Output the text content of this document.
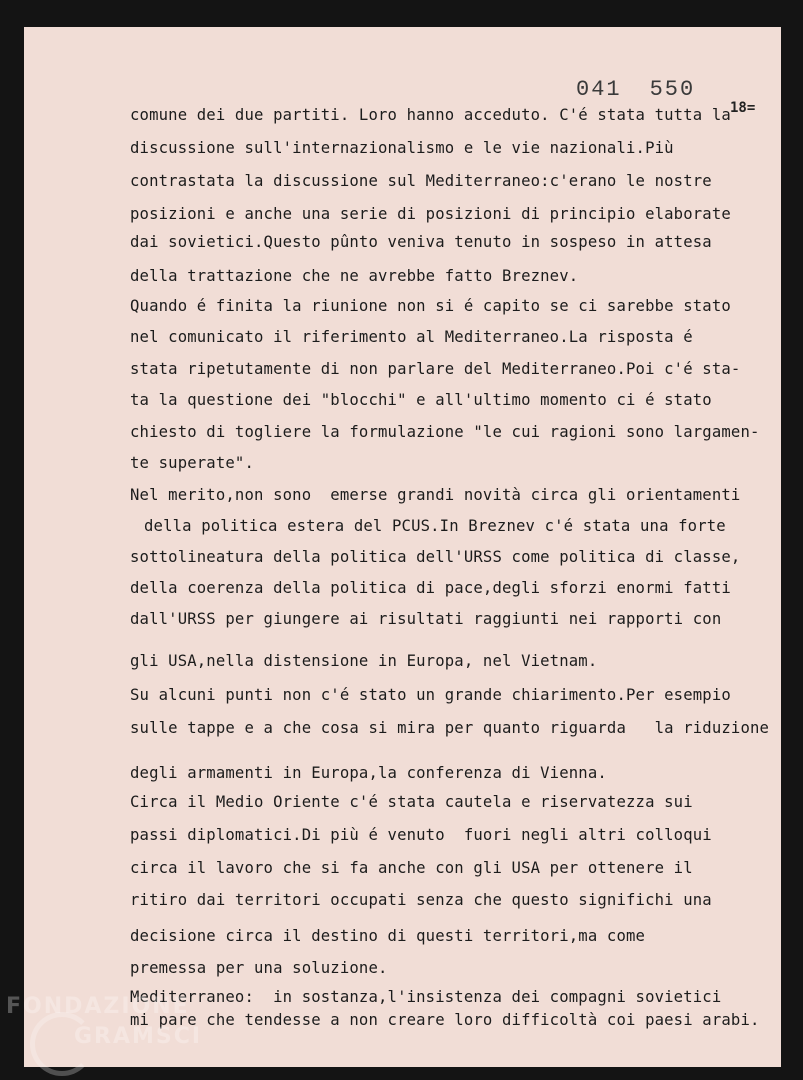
041 550
18=
comune dei due partiti. Loro hanno acceduto. C'é stata tutta la
discussione sull'internazionalismo e le vie nazionali.Più
contrastata la discussione sul Mediterraneo:c'erano le nostre
posizioni e anche una serie di posizioni di principio elaborate
dai sovietici.Questo pûnto veniva tenuto in sospeso in attesa
della trattazione che ne avrebbe fatto Breznev.
Quando é finita la riunione non si é capito se ci sarebbe stato
nel comunicato il riferimento al Mediterraneo.La risposta é
stata ripetutamente di non parlare del Mediterraneo.Poi c'é sta-
ta la questione dei "blocchi" e all'ultimo momento ci é stato
chiesto di togliere la formulazione "le cui ragioni sono largamen-
te superate".
Nel merito,non sono  emerse grandi novità circa gli orientamenti
della politica estera del PCUS.In Breznev c'é stata una forte
sottolineatura della politica dell'URSS come politica di classe,
della coerenza della politica di pace,degli sforzi enormi fatti
dall'URSS per giungere ai risultati raggiunti nei rapporti con
gli USA,nella distensione in Europa, nel Vietnam.
Su alcuni punti non c'é stato un grande chiarimento.Per esempio
sulle tappe e a che cosa si mira per quanto riguarda   la riduzione
degli armamenti in Europa,la conferenza di Vienna.
Circa il Medio Oriente c'é stata cautela e riservatezza sui
passi diplomatici.Di più é venuto  fuori negli altri colloqui
circa il lavoro che si fa anche con gli USA per ottenere il
ritiro dai territori occupati senza che questo significhi una
decisione circa il destino di questi territori,ma come
premessa per una soluzione.
Mediterraneo:  in sostanza,l'insistenza dei compagni sovietici
mi pare che tendesse a non creare loro difficoltà coi paesi arabi.
FONDAZIONE
GRAMSCI
